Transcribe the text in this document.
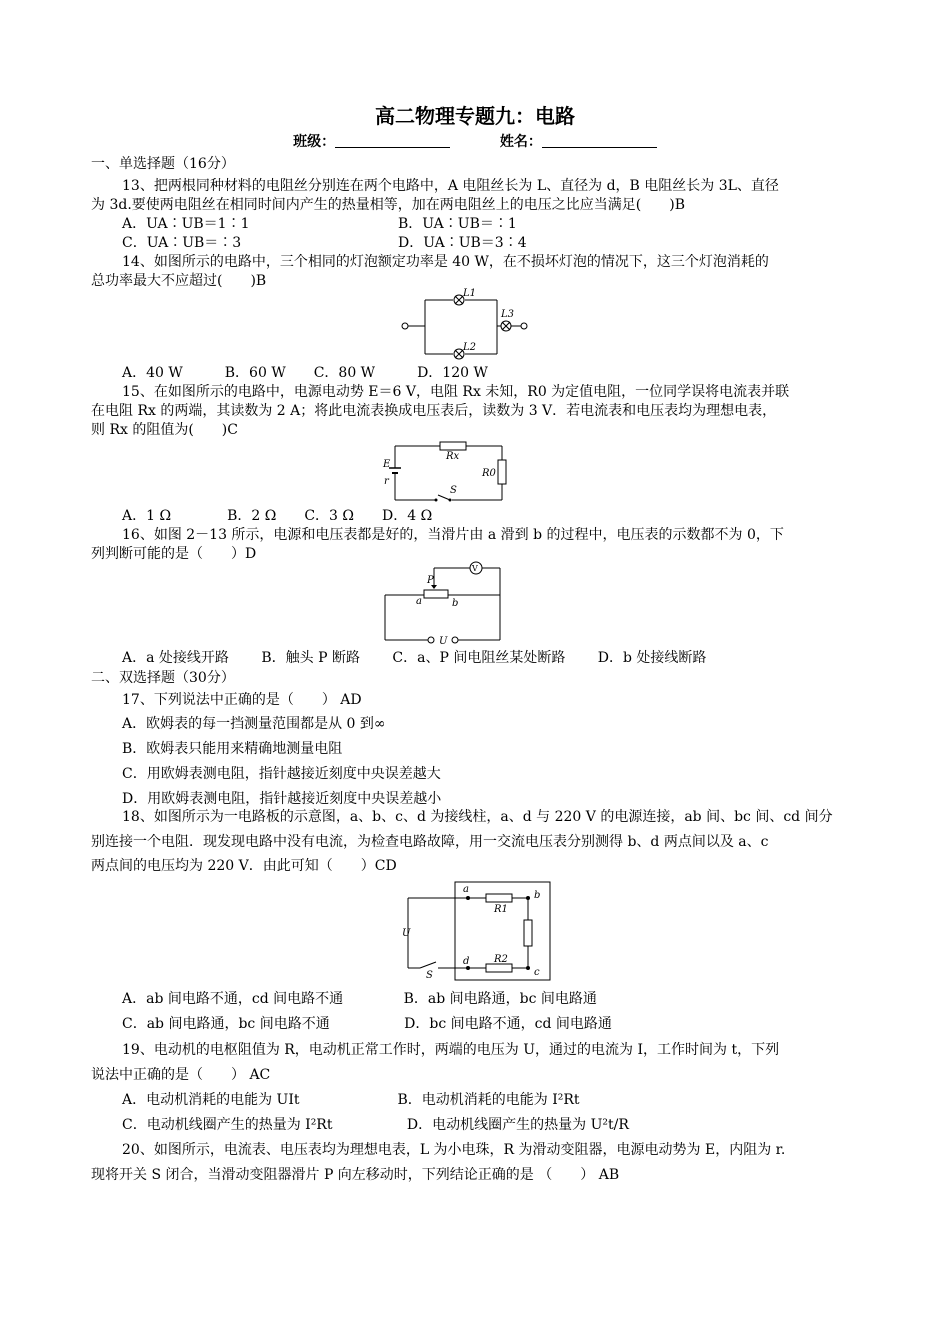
高二物理专题九：电路
班级：	姓名：
一、单选择题（16分）
13、把两根同种材料的电阻丝分别连在两个电路中，A 电阻丝长为 L、直径为 d，B 电阻丝长为 3L、直径
为 3d.要使两电阻丝在相同时间内产生的热量相等，加在两电阻丝上的电压之比应当满足(　　)B
A．UA∶UB＝1∶1	B．UA∶UB＝∶1
C．UA∶UB＝∶3	D．UA∶UB＝3∶4
14、如图所示的电路中，三个相同的灯泡额定功率是 40 W，在不损坏灯泡的情况下，这三个灯泡消耗的
总功率最大不应超过(　　)B
L1
L2
L3
A．40 W　　　B．60 W　　C．80 W　　　D．120 W
15、在如图所示的电路中，电源电动势 E＝6 V，电阻 Rx 未知，R0 为定值电阻，一位同学误将电流表并联
在电阻 Rx 的两端，其读数为 2 A；将此电流表换成电压表后，读数为 3 V．若电流表和电压表均为理想电表，
则 Rx 的阻值为(　　)C
Rx
R0
E
r
S
A．1 Ω　　　　B．2 Ω　　C．3 Ω　　D．4 Ω
16、如图 2－13 所示，电源和电压表都是好的，当滑片由 a 滑到 b 的过程中，电压表的示数都不为 0，下
列判断可能的是（　　）D
V
P
a	b
U
A．a 处接线开路　　 B．触头 P 断路　　 C．a、P 间电阻丝某处断路　　 D．b 处接线断路
二、双选择题（30分）
17、下列说法中正确的是（　　） AD
A．欧姆表的每一挡测量范围都是从 0 到∞
B．欧姆表只能用来精确地测量电阻
C．用欧姆表测电阻，指针越接近刻度中央误差越大
D．用欧姆表测电阻，指针越接近刻度中央误差越小
18、如图所示为一电路板的示意图，a、b、c、d 为接线柱，a、d 与 220 V 的电源连接，ab 间、bc 间、cd 间分
别连接一个电阻．现发现电路中没有电流，为检查电路故障，用一交流电压表分别测得 b、d 两点间以及 a、c
两点间的电压均为 220 V．由此可知（　　）CD
a
b
c
d
R1
R2
U
S
A．ab 间电路不通，cd 间电路不通　　　　 B．ab 间电路通，bc 间电路通
C．ab 间电路通，bc 间电路不通　　　　　 D．bc 间电路不通，cd 间电路通
19、电动机的电枢阻值为 R，电动机正常工作时，两端的电压为 U，通过的电流为 I，工作时间为 t，下列
说法中正确的是（　　） AC
A．电动机消耗的电能为 UIt　　　　　　　B．电动机消耗的电能为 I²Rt
C．电动机线圈产生的热量为 I²Rt　　　　　 D．电动机线圈产生的热量为 U²t/R
20、如图所示，电流表、电压表均为理想电表，L 为小电珠，R 为滑动变阻器，电源电动势为 E，内阻为 r.
现将开关 S 闭合，当滑动变阻器滑片 P 向左移动时，下列结论正确的是 （　　） AB
